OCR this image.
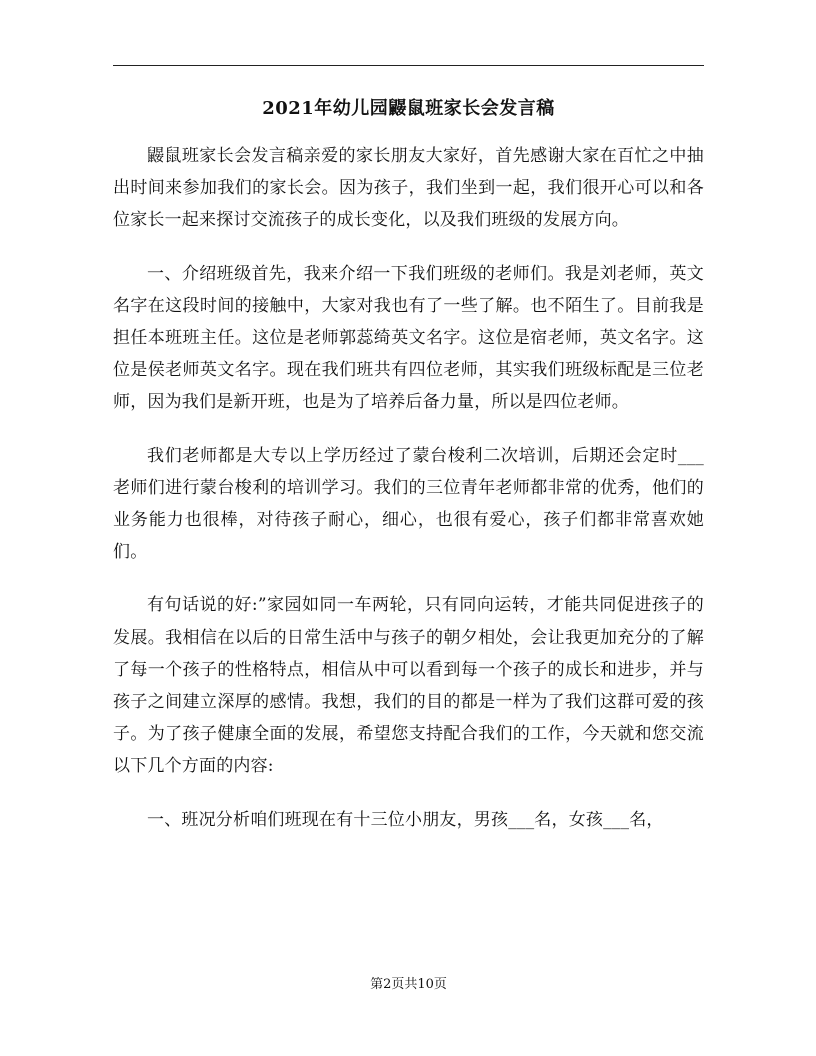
2021年幼儿园鼹鼠班家长会发言稿

鼹鼠班家长会发言稿亲爱的家长朋友大家好，首先感谢大家在百忙之中抽出时间来参加我们的家长会。因为孩子，我们坐到一起，我们很开心可以和各位家长一起来探讨交流孩子的成长变化，以及我们班级的发展方向。

一、介绍班级首先，我来介绍一下我们班级的老师们。我是刘老师，英文名字在这段时间的接触中，大家对我也有了一些了解。也不陌生了。目前我是担任本班班主任。这位是老师郭蕊绮英文名字。这位是宿老师，英文名字。这位是侯老师英文名字。现在我们班共有四位老师，其实我们班级标配是三位老师，因为我们是新开班，也是为了培养后备力量，所以是四位老师。

我们老师都是大专以上学历经过了蒙台梭利二次培训，后期还会定时___老师们进行蒙台梭利的培训学习。我们的三位青年老师都非常的优秀，他们的业务能力也很棒，对待孩子耐心，细心，也很有爱心，孩子们都非常喜欢她们。

有句话说的好:”家园如同一车两轮，只有同向运转，才能共同促进孩子的发展。我相信在以后的日常生活中与孩子的朝夕相处，会让我更加充分的了解了每一个孩子的性格特点，相信从中可以看到每一个孩子的成长和进步，并与孩子之间建立深厚的感情。我想，我们的目的都是一样为了我们这群可爱的孩子。为了孩子健康全面的发展，希望您支持配合我们的工作，今天就和您交流以下几个方面的内容:

一、班况分析咱们班现在有十三位小朋友，男孩___名，女孩___名，

第2页共10页
